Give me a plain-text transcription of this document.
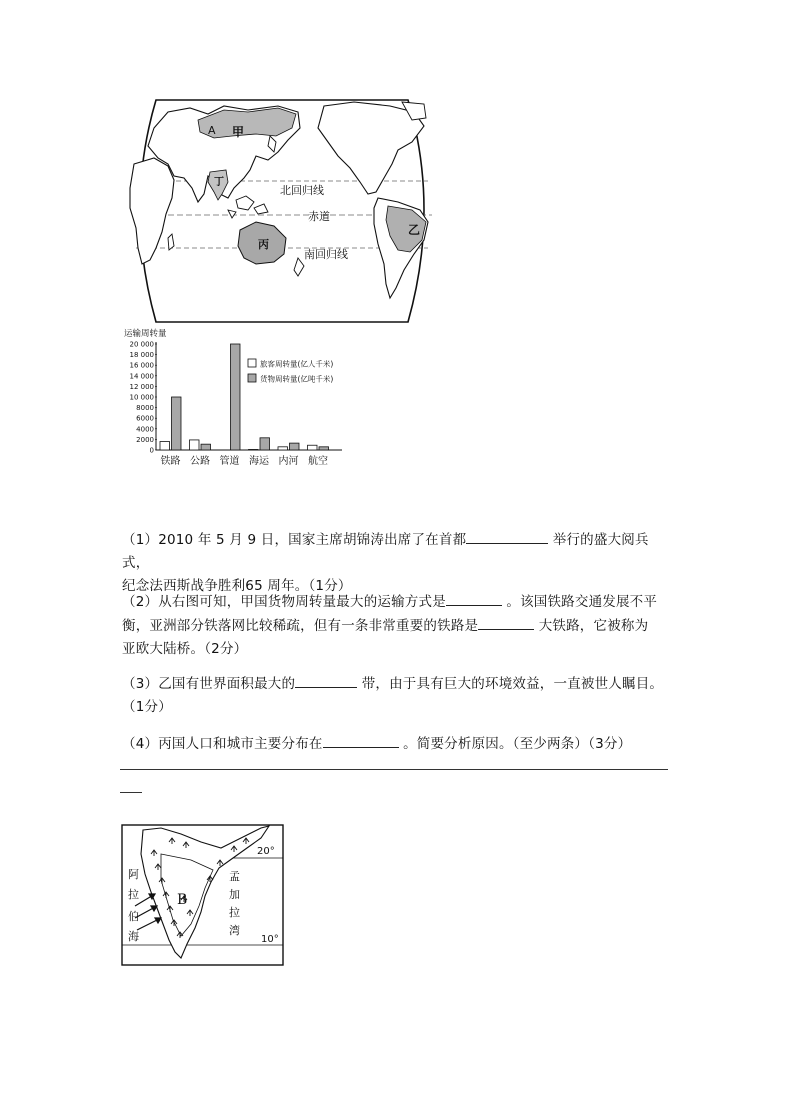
A 甲
丁
丙
乙
北回归线
赤道
南回归线
运输周转量
20 000
18 000
16 000
14 000
12 000
10 000
8000
6000
4000
2000
0
铁路 公路 管道 海运 内河 航空
旅客周转量(亿人千米)
货物周转量(亿吨千米)
（1）2010 年 5 月 9 日，国家主席胡锦涛出席了在首都	举行的盛大阅兵式，
纪念法西斯战争胜利65 周年。（1分）
（2）从右图可知，甲国货物周转量最大的运输方式是	。该国铁路交通发展不平
衡，亚洲部分铁落网比较稀疏，但有一条非常重要的铁路是	大铁路，它被称为
亚欧大陆桥。（2分）
（3）乙国有世界面积最大的	带，由于具有巨大的环境效益，一直被世人瞩目。
（1分）
（4）丙国人口和城市主要分布在	。简要分析原因。（至少两条）（3分）
阿
拉
伯
海
孟
加
拉
湾
B
20°
10°
